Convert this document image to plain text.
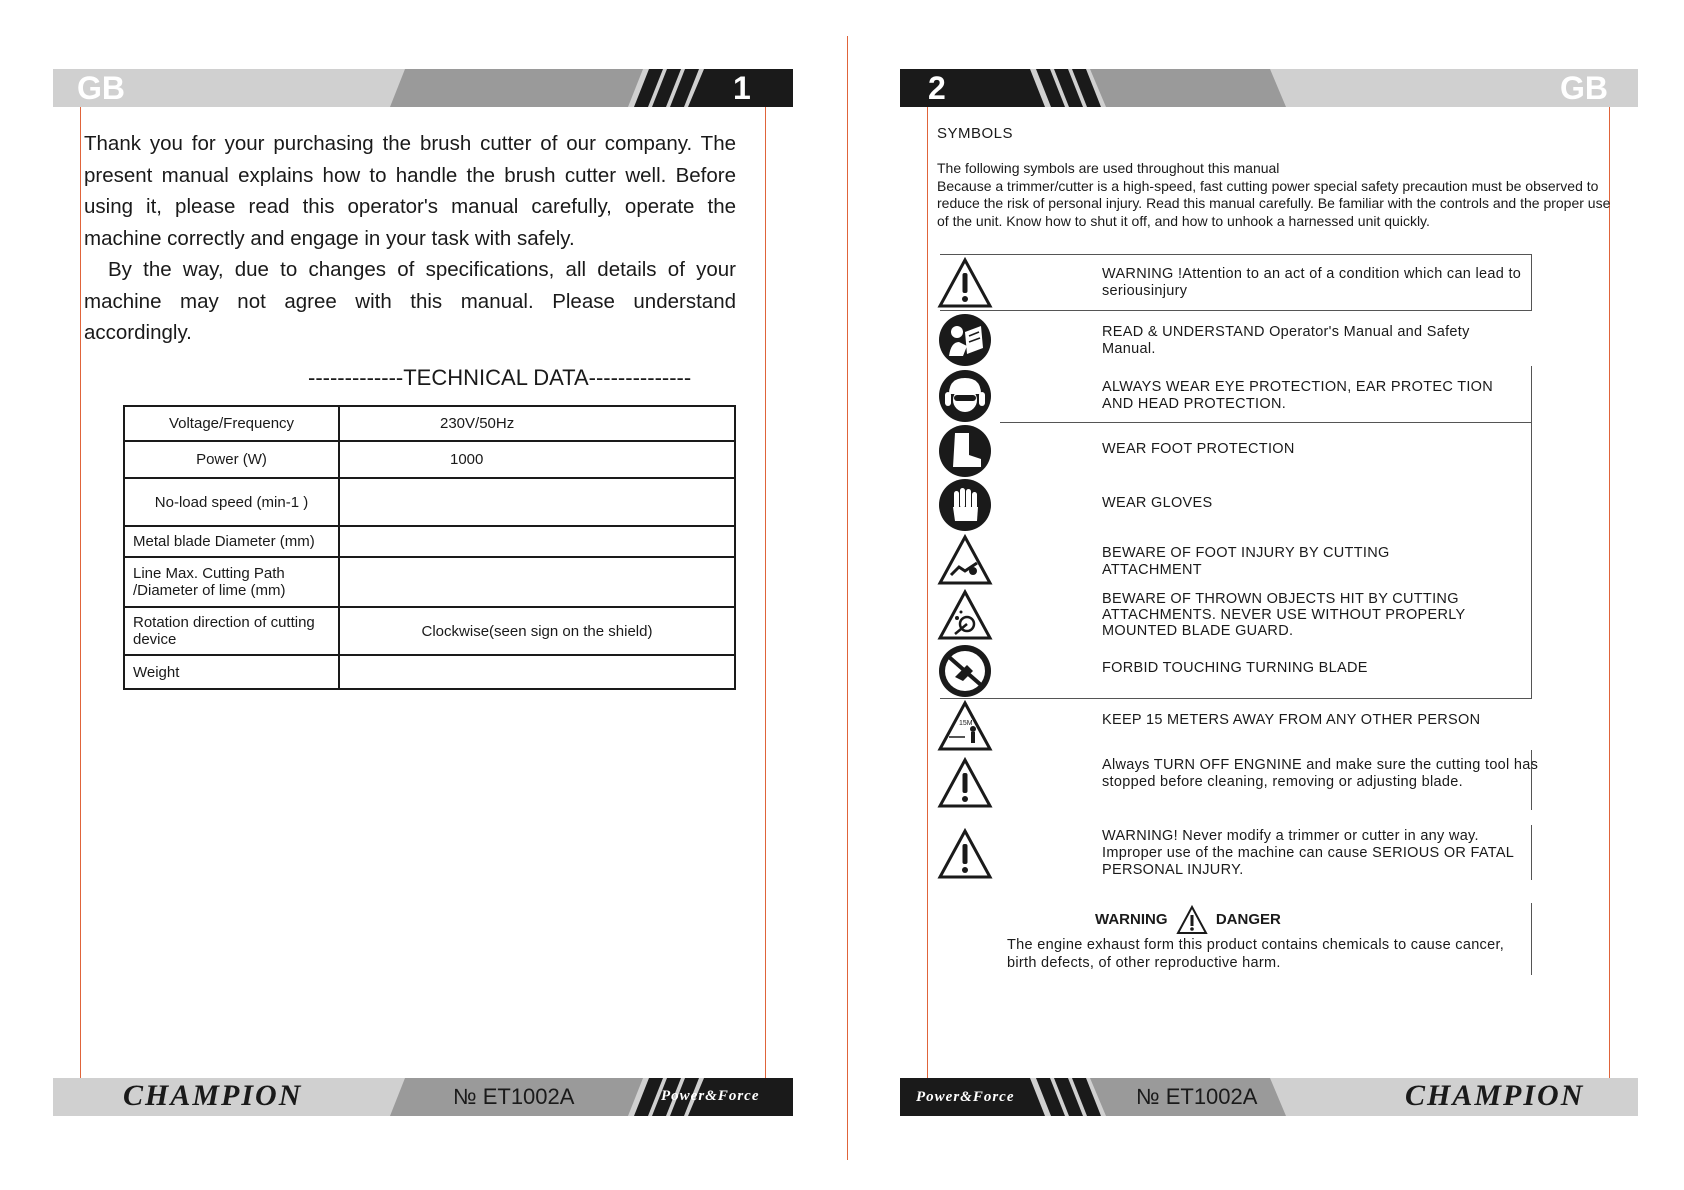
GB	1

Thank you for your purchasing the brush cutter of our company. The present manual explains how to handle the brush cutter well. Before using it, please read this operator's manual carefully, operate the machine correctly and engage in your task with safely.

By the way, due to changes of specifications, all details of your machine may not agree with this manual. Please understand accordingly.

-------------TECHNICAL DATA--------------
Voltage/Frequency	230V/50Hz
Power (W)	1000
No-load speed (min-1 )	
Metal blade Diameter (mm)	
Line Max. Cutting Path /Diameter of lime (mm)	
Rotation direction of cutting device	Clockwise(seen sign on the shield)
Weight	
CHAMPION	№ ET1002A	Power&Force
2	GB
SYMBOLS
The following symbols are used throughout this manual
Because a trimmer/cutter is a high-speed, fast cutting power special safety precaution must be observed to reduce the risk of personal injury. Read this manual carefully. Be familiar with the controls and the proper use of the unit. Know how to shut it off, and how to unhook a harnessed unit quickly.
WARNING !Attention to an act of a condition which can lead to seriousinjury
READ & UNDERSTAND Operator's Manual and Safety Manual.
ALWAYS WEAR EYE PROTECTION, EAR PROTEC TION AND HEAD PROTECTION.
WEAR FOOT PROTECTION
WEAR GLOVES
BEWARE OF FOOT INJURY BY CUTTING ATTACHMENT
BEWARE OF THROWN OBJECTS HIT BY CUTTING ATTACHMENTS. NEVER USE WITHOUT PROPERLY MOUNTED BLADE GUARD.
FORBID TOUCHING TURNING BLADE
15M	KEEP 15 METERS AWAY FROM ANY OTHER PERSON
Always TURN OFF ENGNINE and make sure the cutting tool has stopped before cleaning, removing or adjusting blade.
WARNING! Never modify a trimmer or cutter in any way. Improper use of the machine can cause SERIOUS OR FATAL PERSONAL INJURY.
WARNING	DANGER
The engine exhaust form this product contains chemicals to cause cancer, birth defects, of other reproductive harm.
Power&Force	№ ET1002A	CHAMPION
